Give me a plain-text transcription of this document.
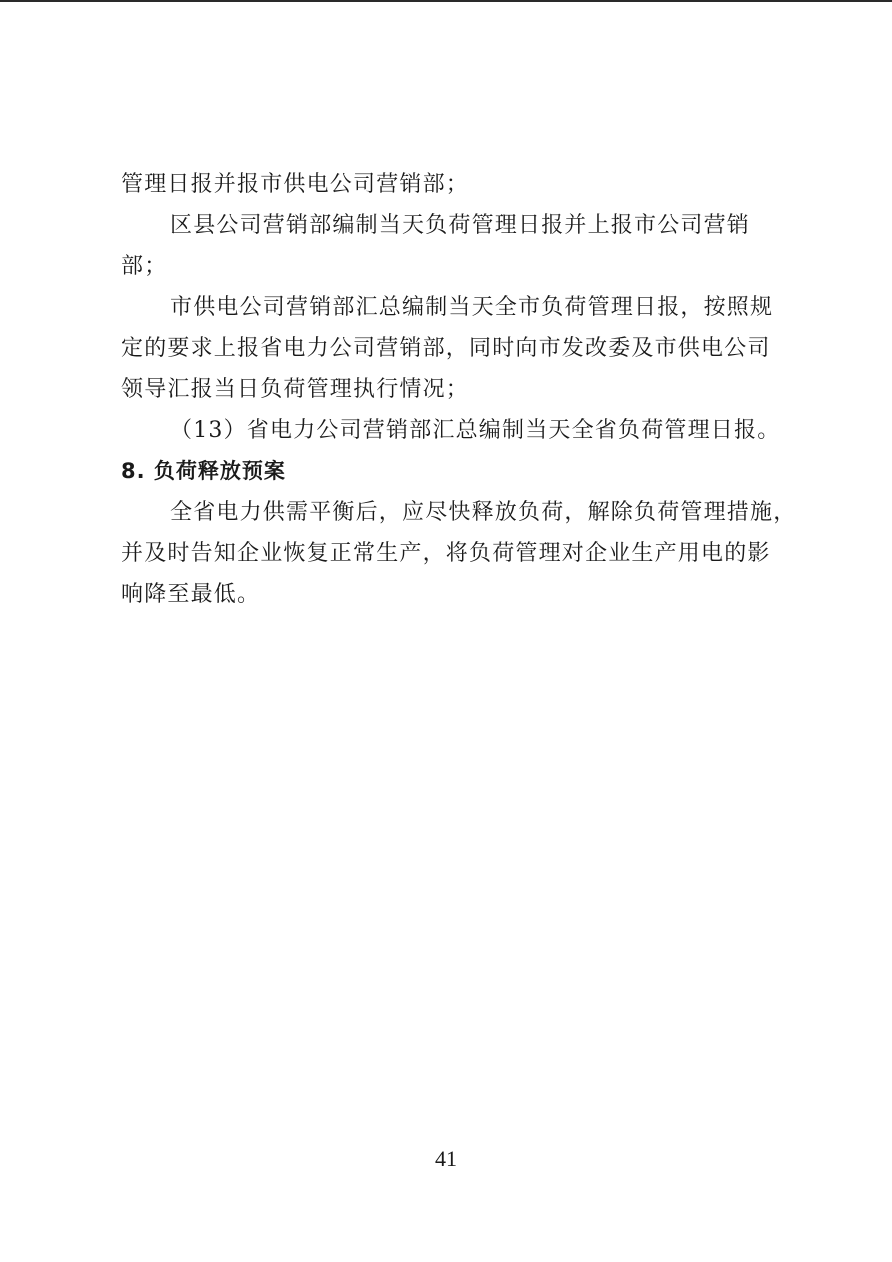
管理日报并报市供电公司营销部；
区县公司营销部编制当天负荷管理日报并上报市公司营销
部；
市供电公司营销部汇总编制当天全市负荷管理日报，按照规
定的要求上报省电力公司营销部，同时向市发改委及市供电公司
领导汇报当日负荷管理执行情况；
（13）省电力公司营销部汇总编制当天全省负荷管理日报。
8. 负荷释放预案
全省电力供需平衡后，应尽快释放负荷，解除负荷管理措施，
并及时告知企业恢复正常生产，将负荷管理对企业生产用电的影
响降至最低。
41
